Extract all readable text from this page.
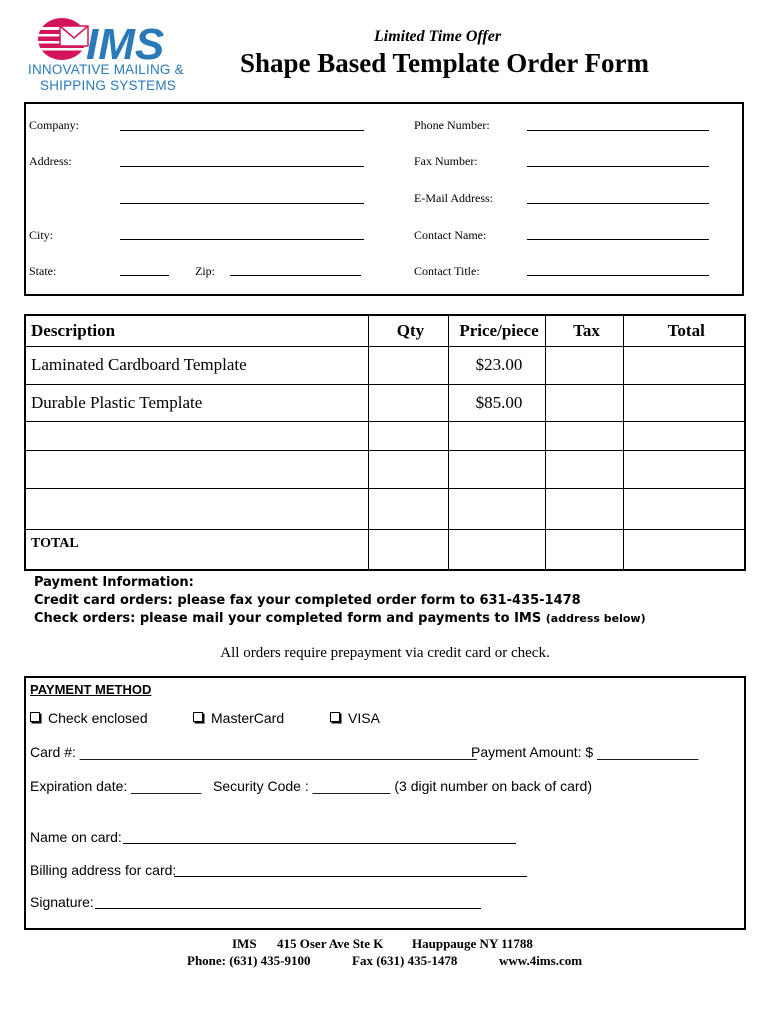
IMS
INNOVATIVE MAILING &
SHIPPING SYSTEMS
Limited Time Offer
Shape Based Template Order Form
Company:
Address:
City:
State:	Zip:
Phone Number:
Fax Number:
E-Mail Address:
Contact Name:
Contact Title:
Description	Qty	Price/piece	Tax	Total
Laminated Cardboard Template		$23.00		
Durable Plastic Template		$85.00		

TOTAL				
Payment Information:
Credit card orders: please fax your completed order form to 631-435-1478
Check orders: please mail your completed form and payments to IMS (address below)
All orders require prepayment via credit card or check.
PAYMENT METHOD
Check enclosed	MasterCard	VISA
Card #: ___________________________________________________
Payment Amount: $ _____________
Expiration date: _________ Security Code : __________ (3 digit number on back of card)
Name on card:
Billing address for card:
Signature:
IMS 415 Oser Ave Ste K Hauppauge NY 11788
Phone: (631) 435-9100	Fax (631) 435-1478	www.4ims.com
